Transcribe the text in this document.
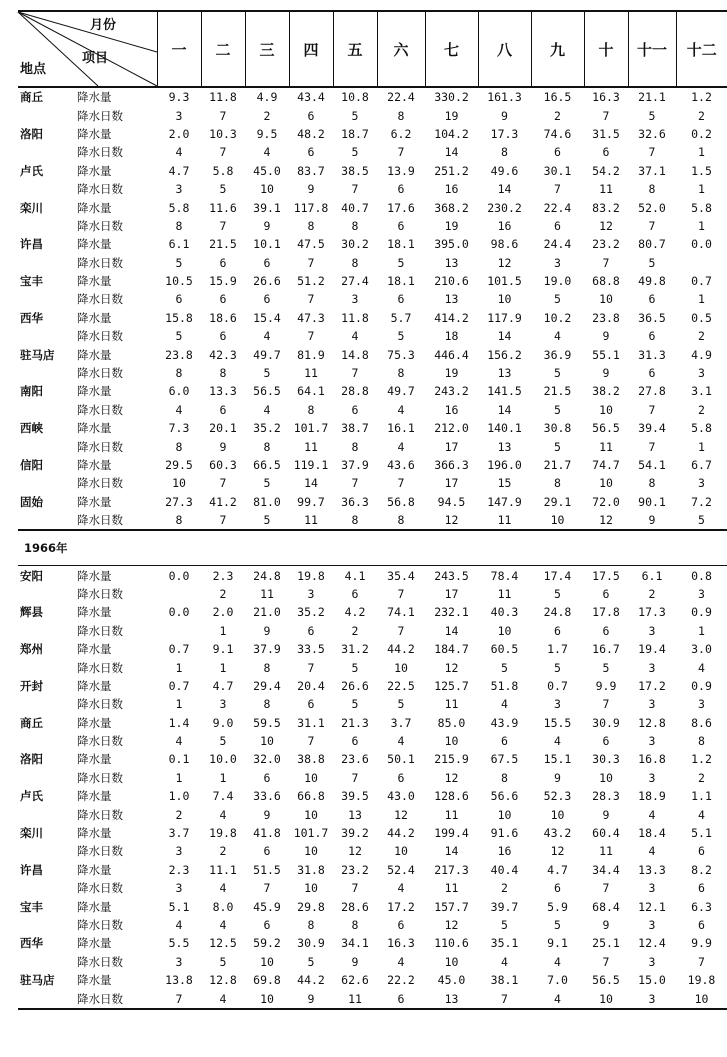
月份
项目
地点		一	二	三	四	五	六	七	八	九	十	十一	十二
商丘	降水量	9.3	11.8	4.9	43.4	10.8	22.4	330.2	161.3	16.5	16.3	21.1	1.2
	降水日数	3	7	2	6	5	8	19	9	2	7	5	2
洛阳	降水量	2.0	10.3	9.5	48.2	18.7	6.2	104.2	17.3	74.6	31.5	32.6	0.2
	降水日数	4	7	4	6	5	7	14	8	6	6	7	1
卢氏	降水量	4.7	5.8	45.0	83.7	38.5	13.9	251.2	49.6	30.1	54.2	37.1	1.5
	降水日数	3	5	10	9	7	6	16	14	7	11	8	1
栾川	降水量	5.8	11.6	39.1	117.8	40.7	17.6	368.2	230.2	22.4	83.2	52.0	5.8
	降水日数	8	7	9	8	8	6	19	16	6	12	7	1
许昌	降水量	6.1	21.5	10.1	47.5	30.2	18.1	395.0	98.6	24.4	23.2	80.7	0.0
	降水日数	5	6	6	7	8	5	13	12	3	7	5	
宝丰	降水量	10.5	15.9	26.6	51.2	27.4	18.1	210.6	101.5	19.0	68.8	49.8	0.7
	降水日数	6	6	6	7	3	6	13	10	5	10	6	1
西华	降水量	15.8	18.6	15.4	47.3	11.8	5.7	414.2	117.9	10.2	23.8	36.5	0.5
	降水日数	5	6	4	7	4	5	18	14	4	9	6	2
驻马店	降水量	23.8	42.3	49.7	81.9	14.8	75.3	446.4	156.2	36.9	55.1	31.3	4.9
	降水日数	8	8	5	11	7	8	19	13	5	9	6	3
南阳	降水量	6.0	13.3	56.5	64.1	28.8	49.7	243.2	141.5	21.5	38.2	27.8	3.1
	降水日数	4	6	4	8	6	4	16	14	5	10	7	2
西峡	降水量	7.3	20.1	35.2	101.7	38.7	16.1	212.0	140.1	30.8	56.5	39.4	5.8
	降水日数	8	9	8	11	8	4	17	13	5	11	7	1
信阳	降水量	29.5	60.3	66.5	119.1	37.9	43.6	366.3	196.0	21.7	74.7	54.1	6.7
	降水日数	10	7	5	14	7	7	17	15	8	10	8	3
固始	降水量	27.3	41.2	81.0	99.7	36.3	56.8	94.5	147.9	29.1	72.0	90.1	7.2
	降水日数	8	7	5	11	8	8	12	11	10	12	9	5
1966年													
安阳	降水量	0.0	2.3	24.8	19.8	4.1	35.4	243.5	78.4	17.4	17.5	6.1	0.8
	降水日数		2	11	3	6	7	17	11	5	6	2	3
辉县	降水量	0.0	2.0	21.0	35.2	4.2	74.1	232.1	40.3	24.8	17.8	17.3	0.9
	降水日数		1	9	6	2	7	14	10	6	6	3	1
郑州	降水量	0.7	9.1	37.9	33.5	31.2	44.2	184.7	60.5	1.7	16.7	19.4	3.0
	降水日数	1	1	8	7	5	10	12	5	5	5	3	4
开封	降水量	0.7	4.7	29.4	20.4	26.6	22.5	125.7	51.8	0.7	9.9	17.2	0.9
	降水日数	1	3	8	6	5	5	11	4	3	7	3	3
商丘	降水量	1.4	9.0	59.5	31.1	21.3	3.7	85.0	43.9	15.5	30.9	12.8	8.6
	降水日数	4	5	10	7	6	4	10	6	4	6	3	8
洛阳	降水量	0.1	10.0	32.0	38.8	23.6	50.1	215.9	67.5	15.1	30.3	16.8	1.2
	降水日数	1	1	6	10	7	6	12	8	9	10	3	2
卢氏	降水量	1.0	7.4	33.6	66.8	39.5	43.0	128.6	56.6	52.3	28.3	18.9	1.1
	降水日数	2	4	9	10	13	12	11	10	10	9	4	4
栾川	降水量	3.7	19.8	41.8	101.7	39.2	44.2	199.4	91.6	43.2	60.4	18.4	5.1
	降水日数	3	2	6	10	12	10	14	16	12	11	4	6
许昌	降水量	2.3	11.1	51.5	31.8	23.2	52.4	217.3	40.4	4.7	34.4	13.3	8.2
	降水日数	3	4	7	10	7	4	11	2	6	7	3	6
宝丰	降水量	5.1	8.0	45.9	29.8	28.6	17.2	157.7	39.7	5.9	68.4	12.1	6.3
	降水日数	4	4	6	8	8	6	12	5	5	9	3	6
西华	降水量	5.5	12.5	59.2	30.9	34.1	16.3	110.6	35.1	9.1	25.1	12.4	9.9
	降水日数	3	5	10	5	9	4	10	4	4	7	3	7
驻马店	降水量	13.8	12.8	69.8	44.2	62.6	22.2	45.0	38.1	7.0	56.5	15.0	19.8
	降水日数	7	4	10	9	11	6	13	7	4	10	3	10
